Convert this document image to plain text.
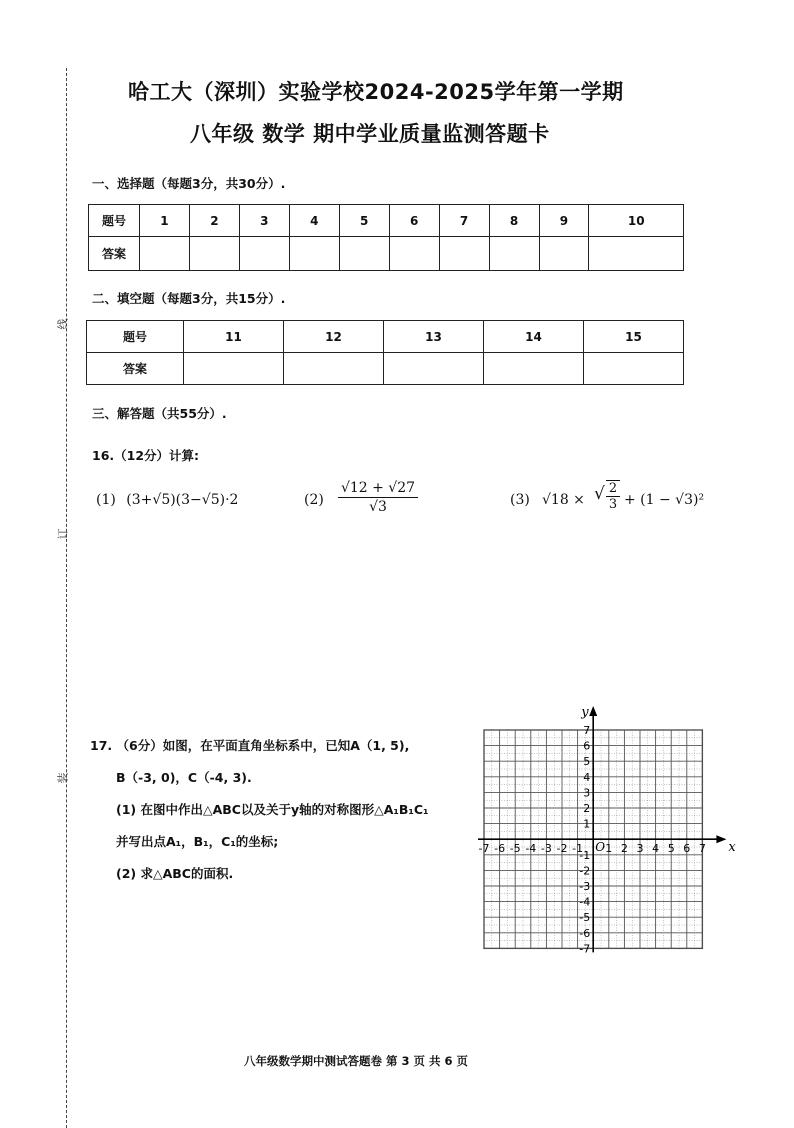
线
订
装
哈工大（深圳）实验学校2024-2025学年第一学期
八年级 数学 期中学业质量监测答题卡
一、选择题（每题3分，共30分）.
题号	1	2	3	4	5	6	7	8	9	10
答案										
二、填空题（每题3分，共15分）.
题号	11	12	13	14	15
答案					
三、解答题（共55分）.
16.（12分）计算:
(1) (3+√5)(3−√5)·2	$(2) \frac{√12 + √27}{√3}$	(3) √18 × √ $\frac{2}{3} + (1 - √3)^2$
17. （6分）如图，在平面直角坐标系中，已知A（1, 5),
B（-3, 0)，C（-4, 3).
(1) 在图中作出△ABC以及关于y轴的对称图形△A₁B₁C₁
并写出点A₁，B₁，C₁的坐标;
(2) 求△ABC的面积.
x
y
O
-7 -6 -5 -4 -3 -2 -1 1 2 3 4 5 6 7
7
6
5
4
3
2
1
-1
-2
-3
-4
-5
-6
-7
八年级数学期中测试答题卷 第 3 页 共 6 页
